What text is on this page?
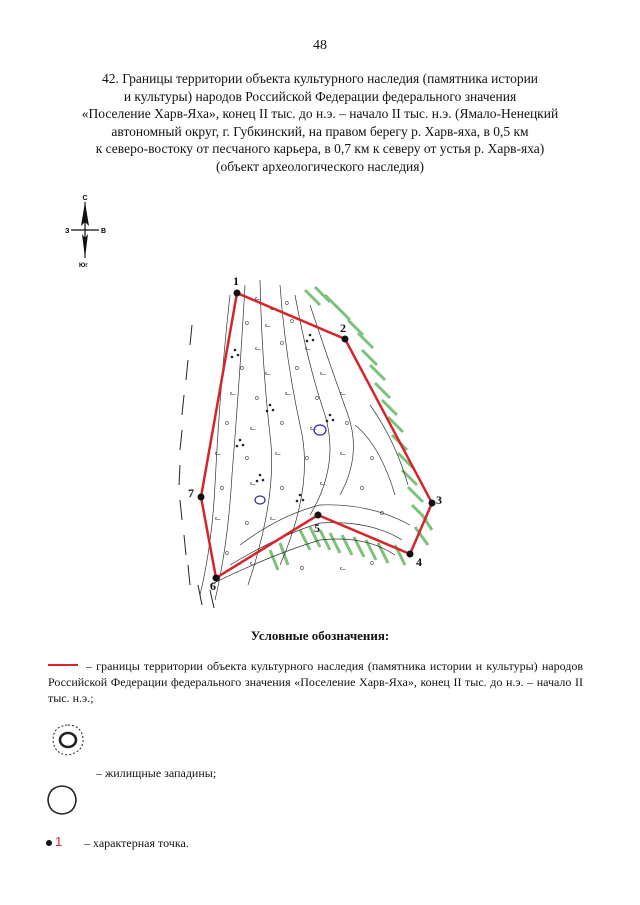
48
42. Границы территории объекта культурного наследия (памятника истории
и культуры) народов Российской Федерации федерального значения
«Поселение Харв-Яха», конец II тыс. до н.э. – начало II тыс. н.э. (Ямало-Ненецкий
автономный округ, г. Губкинский, на правом берегу р. Харв-яха, в 0,5 км
к северо-востоку от песчаного карьера, в 0,7 км к северу от устья р. Харв-яха)
(объект археологического наследия)
С
З	В
Юг
ᓚ
ᓚ
o
o ᓚ
o
ᓚ
o
ᓚ
o
ᓚ
o
ᓚ
ᓚ
o
ᓚ
o
ᓚ
o
ᓚ
o
ᓚ
o
ᓚ
o
ᓚ
o
ᓚ
o
o
ᓚ
o
ᓚ
o
ᓚ
o
ᓚ
o
o
ᓚ
o	ᓚ
o
1
2
3
4
5
6
7
Условные обозначения:
– границы территории объекта культурного наследия (памятника истории и культуры) народов Российской Федерации федерального значения «Поселение Харв-Яха», конец II тыс. до н.э. – начало II тыс. н.э.;
– жилищные западины;
1 – характерная точка.
